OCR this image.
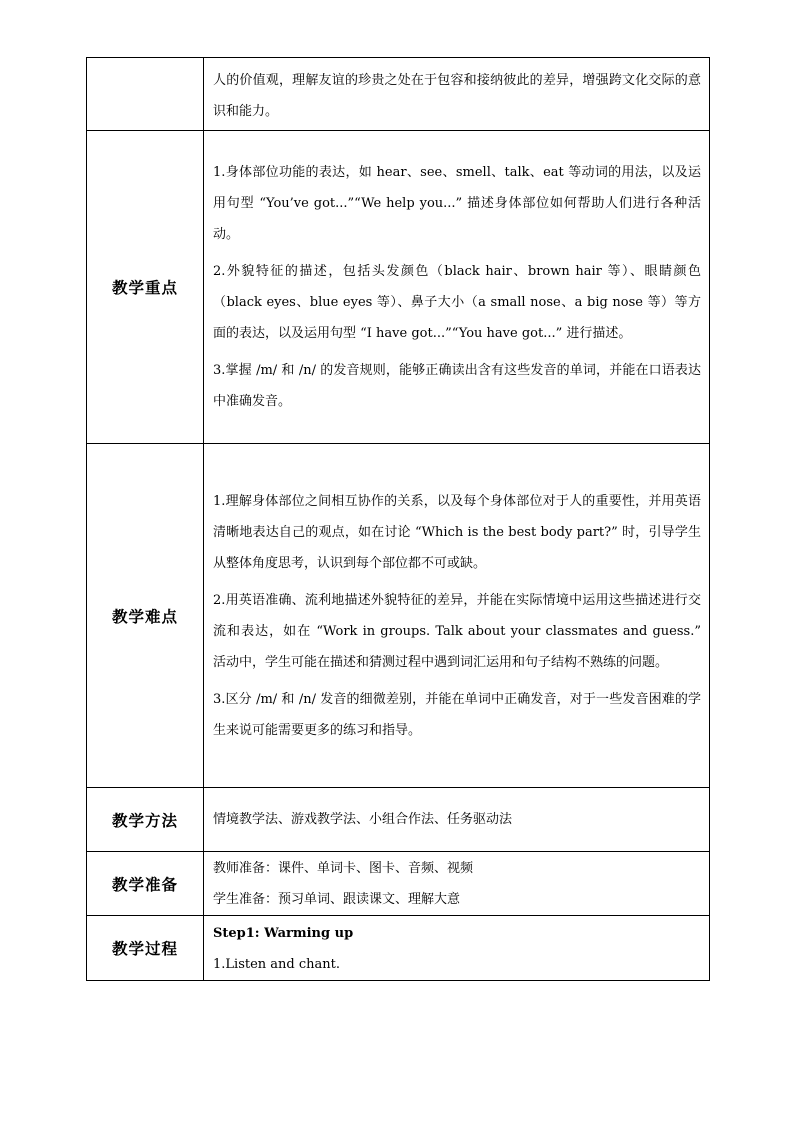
	人的价值观，理解友谊的珍贵之处在于包容和接纳彼此的差异，增强跨文化交际的意识和能力。

教学重点	1.身体部位功能的表达，如 hear、see、smell、talk、eat 等动词的用法，以及运用句型 “You’ve got...”“We help you...” 描述身体部位如何帮助人们进行各种活动。

2.外貌特征的描述，包括头发颜色（black hair、brown hair 等）、眼睛颜色（black eyes、blue eyes 等）、鼻子大小（a small nose、a big nose 等）等方面的表达，以及运用句型 “I have got...”“You have got...” 进行描述。

3.掌握 /m/ 和 /n/ 的发音规则，能够正确读出含有这些发音的单词，并能在口语表达中准确发音。

教学难点	1.理解身体部位之间相互协作的关系，以及每个身体部位对于人的重要性，并用英语清晰地表达自己的观点，如在讨论 “Which is the best body part?” 时，引导学生从整体角度思考，认识到每个部位都不可或缺。

2.用英语准确、流利地描述外貌特征的差异，并能在实际情境中运用这些描述进行交流和表达，如在 “Work in groups. Talk about your classmates and guess.” 活动中，学生可能在描述和猜测过程中遇到词汇运用和句子结构不熟练的问题。

3.区分 /m/ 和 /n/ 发音的细微差别，并能在单词中正确发音，对于一些发音困难的学生来说可能需要更多的练习和指导。

教学方法	情境教学法、游戏教学法、小组合作法、任务驱动法

教学准备	教师准备：课件、单词卡、图卡、音频、视频

学生准备：预习单词、跟读课文、理解大意

教学过程	Step1: Warming up

1.Listen and chant.
